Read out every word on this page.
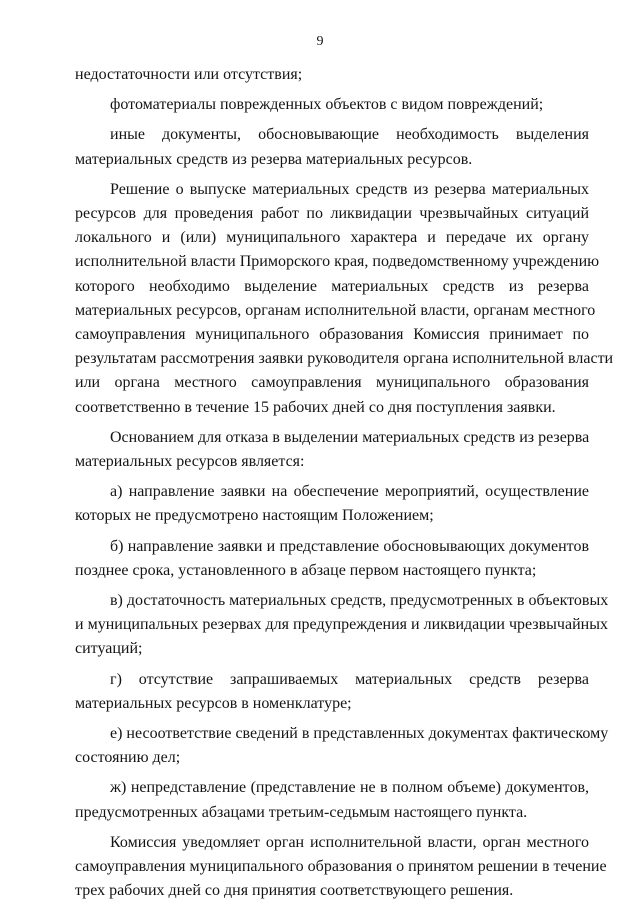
9
недостаточности или отсутствия;
фотоматериалы поврежденных объектов с видом повреждений;
иные документы, обосновывающие необходимость выделения
материальных средств из резерва материальных ресурсов.
Решение о выпуске материальных средств из резерва материальных
ресурсов для проведения работ по ликвидации чрезвычайных ситуаций
локального и (или) муниципального характера и передаче их органу
исполнительной власти Приморского края, подведомственному учреждению
которого необходимо выделение материальных средств из резерва
материальных ресурсов, органам исполнительной власти, органам местного
самоуправления муниципального образования Комиссия принимает по
результатам рассмотрения заявки руководителя органа исполнительной власти
или органа местного самоуправления муниципального образования
соответственно в течение 15 рабочих дней со дня поступления заявки.
Основанием для отказа в выделении материальных средств из резерва
материальных ресурсов является:
а) направление заявки на обеспечение мероприятий, осуществление
которых не предусмотрено настоящим Положением;
б) направление заявки и представление обосновывающих документов
позднее срока, установленного в абзаце первом настоящего пункта;
в) достаточность материальных средств, предусмотренных в объектовых
и муниципальных резервах для предупреждения и ликвидации чрезвычайных
ситуаций;
г) отсутствие запрашиваемых материальных средств резерва
материальных ресурсов в номенклатуре;
е) несоответствие сведений в представленных документах фактическому
состоянию дел;
ж) непредставление (представление не в полном объеме) документов,
предусмотренных абзацами третьим-седьмым настоящего пункта.
Комиссия уведомляет орган исполнительной власти, орган местного
самоуправления муниципального образования о принятом решении в течение
трех рабочих дней со дня принятия соответствующего решения.
